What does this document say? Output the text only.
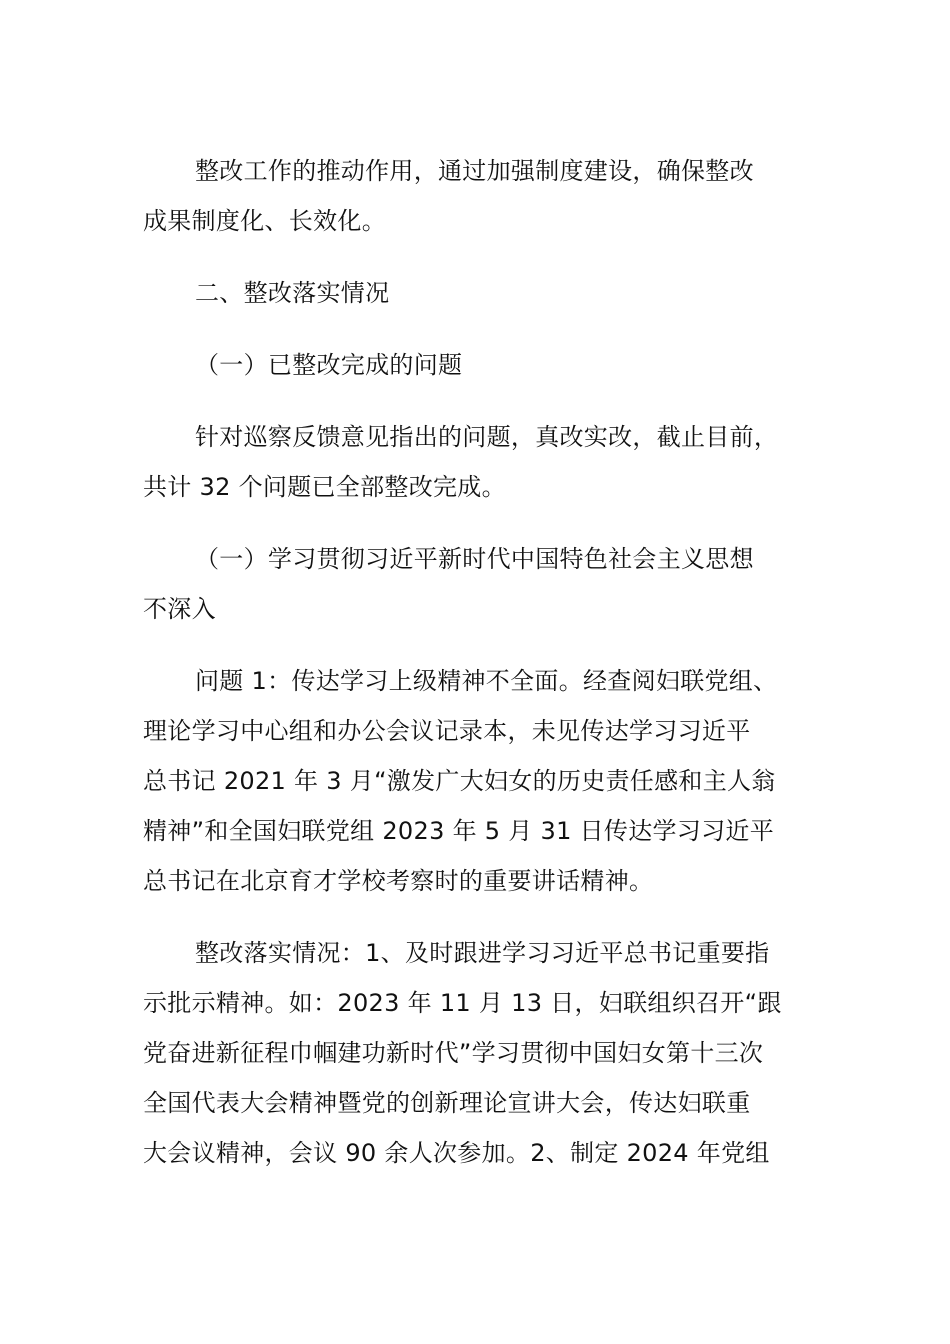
整改工作的推动作用，通过加强制度建设，确保整改
成果制度化、长效化。

二、整改落实情况

（一）已整改完成的问题

针对巡察反馈意见指出的问题，真改实改，截止目前，
共计 32 个问题已全部整改完成。

（一）学习贯彻习近平新时代中国特色社会主义思想
不深入

问题 1：传达学习上级精神不全面。经查阅妇联党组、
理论学习中心组和办公会议记录本，未见传达学习习近平
总书记 2021 年 3 月“激发广大妇女的历史责任感和主人翁
精神”和全国妇联党组 2023 年 5 月 31 日传达学习习近平
总书记在北京育才学校考察时的重要讲话精神。

整改落实情况：1、及时跟进学习习近平总书记重要指
示批示精神。如：2023 年 11 月 13 日，妇联组织召开“跟
党奋进新征程巾帼建功新时代”学习贯彻中国妇女第十三次
全国代表大会精神暨党的创新理论宣讲大会，传达妇联重
大会议精神，会议 90 余人次参加。2、制定 2024 年党组
